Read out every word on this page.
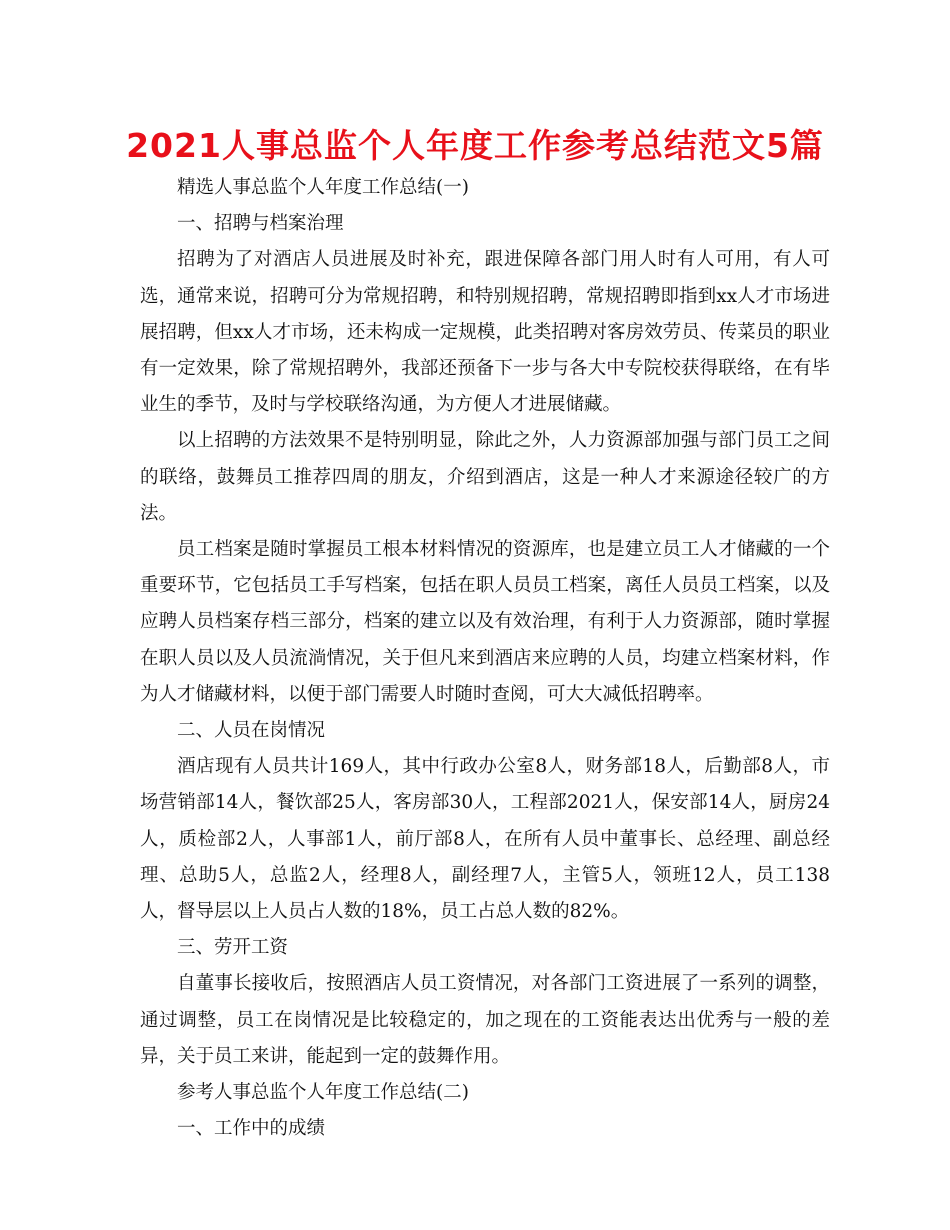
2021人事总监个人年度工作参考总结范文5篇

精选人事总监个人年度工作总结(一)

一、招聘与档案治理

招聘为了对酒店人员进展及时补充，跟进保障各部门用人时有人可用，有人可选，通常来说，招聘可分为常规招聘，和特别规招聘，常规招聘即指到xx人才市场进展招聘，但xx人才市场，还未构成一定规模，此类招聘对客房效劳员、传菜员的职业有一定效果，除了常规招聘外，我部还预备下一步与各大中专院校获得联络，在有毕业生的季节，及时与学校联络沟通，为方便人才进展储藏。

以上招聘的方法效果不是特别明显，除此之外，人力资源部加强与部门员工之间的联络，鼓舞员工推荐四周的朋友，介绍到酒店，这是一种人才来源途径较广的方法。

员工档案是随时掌握员工根本材料情况的资源库，也是建立员工人才储藏的一个重要环节，它包括员工手写档案，包括在职人员员工档案，离任人员员工档案，以及应聘人员档案存档三部分，档案的建立以及有效治理，有利于人力资源部，随时掌握在职人员以及人员流淌情况，关于但凡来到酒店来应聘的人员，均建立档案材料，作为人才储藏材料，以便于部门需要人时随时查阅，可大大减低招聘率。

二、人员在岗情况

酒店现有人员共计169人，其中行政办公室8人，财务部18人，后勤部8人，市场营销部14人，餐饮部25人，客房部30人，工程部2021人，保安部14人，厨房24人，质检部2人，人事部1人，前厅部8人，在所有人员中董事长、总经理、副总经理、总助5人，总监2人，经理8人，副经理7人，主管5人，领班12人，员工138人，督导层以上人员占人数的18%，员工占总人数的82%。

三、劳开工资

自董事长接收后，按照酒店人员工资情况，对各部门工资进展了一系列的调整，通过调整，员工在岗情况是比较稳定的，加之现在的工资能表达出优秀与一般的差异，关于员工来讲，能起到一定的鼓舞作用。

参考人事总监个人年度工作总结(二)

一、工作中的成绩
